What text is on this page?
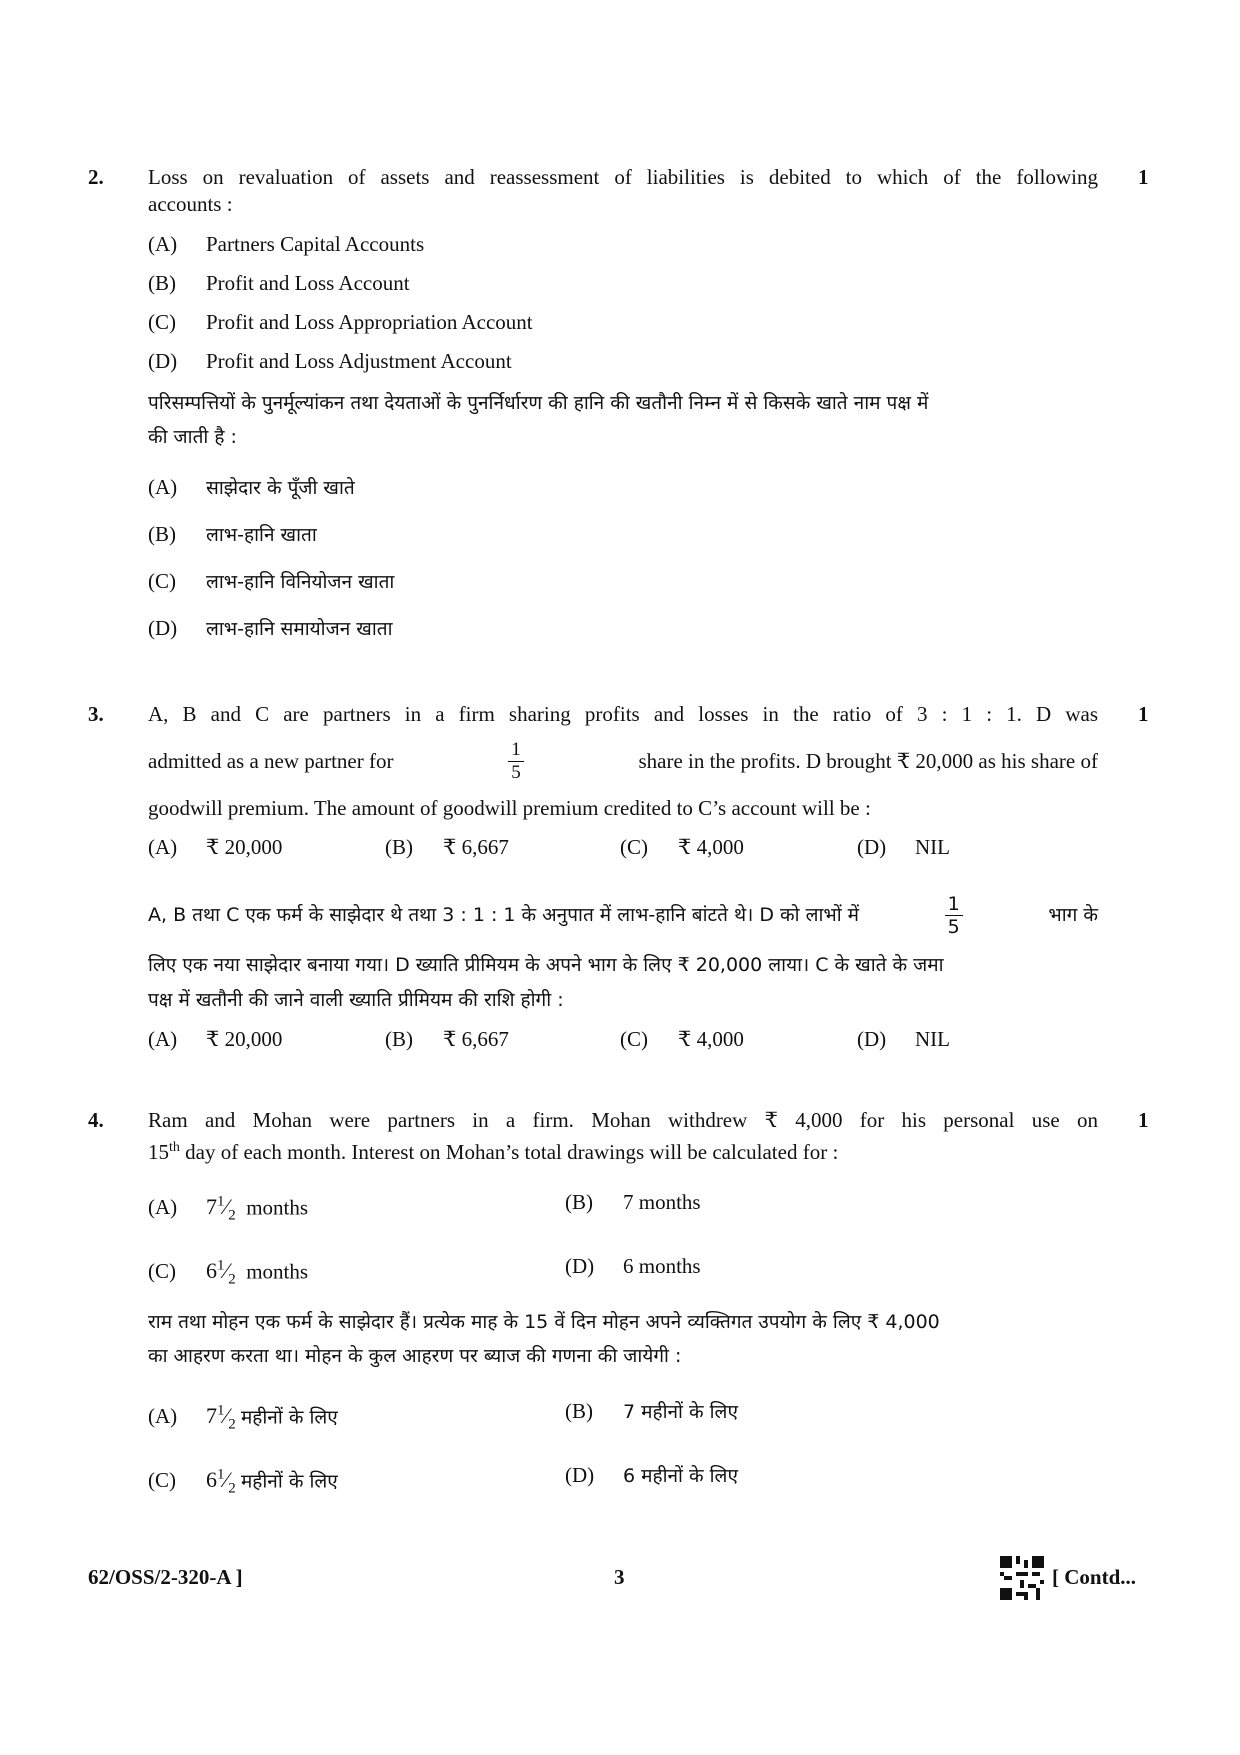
2.	1
Loss on revaluation of assets and reassessment of liabilities is debited to which of the following
accounts :
(A) Partners Capital Accounts
(B) Profit and Loss Account
(C) Profit and Loss Appropriation Account
(D) Profit and Loss Adjustment Account
परिसम्पत्तियों के पुनर्मूल्यांकन तथा देयताओं के पुनर्निर्धारण की हानि की खतौनी निम्न में से किसके खाते नाम पक्ष में
की जाती है :
(A) साझेदार के पूँजी खाते
(B) लाभ-हानि खाता
(C) लाभ-हानि विनियोजन खाता
(D) लाभ-हानि समायोजन खाता
3.	1
A, B and C are partners in a firm sharing profits and losses in the ratio of 3 : 1 : 1. D was
admitted as a new partner for	$\frac{1}{5}$	share in the profits. D brought ₹ 20,000 as his share of
goodwill premium. The amount of goodwill premium credited to C’s account will be :
(A) ₹ 20,000	(B) ₹ 6,667	(C) ₹ 4,000	(D) NIL
A, B तथा C एक फर्म के साझेदार थे तथा 3 : 1 : 1 के अनुपात में लाभ-हानि बांटते थे। D को लाभों में	$\frac{1}{5}$	भाग के
लिए एक नया साझेदार बनाया गया। D ख्याति प्रीमियम के अपने भाग के लिए ₹ 20,000 लाया। C के खाते के जमा
पक्ष में खतौनी की जाने वाली ख्याति प्रीमियम की राशि होगी :
(A) ₹ 20,000	(B) ₹ 6,667	(C) ₹ 4,000	(D) NIL
4.	1
Ram and Mohan were partners in a firm. Mohan withdrew ₹ 4,000 for his personal use on
15th day of each month. Interest on Mohan’s total drawings will be calculated for :
(A) $7^1⁄_2$ months	(B) 7 months
(C) $6^1⁄_2$ months	(D) 6 months
राम तथा मोहन एक फर्म के साझेदार हैं। प्रत्येक माह के 15 वें दिन मोहन अपने व्यक्तिगत उपयोग के लिए ₹ 4,000
का आहरण करता था। मोहन के कुल आहरण पर ब्याज की गणना की जायेगी :
(A) $7^1⁄_2$ महीनों के लिए	(B) 7 महीनों के लिए
(C) $6^1⁄_2$ महीनों के लिए	(D) 6 महीनों के लिए
62/OSS/2-320-A ]	3	[ Contd...
